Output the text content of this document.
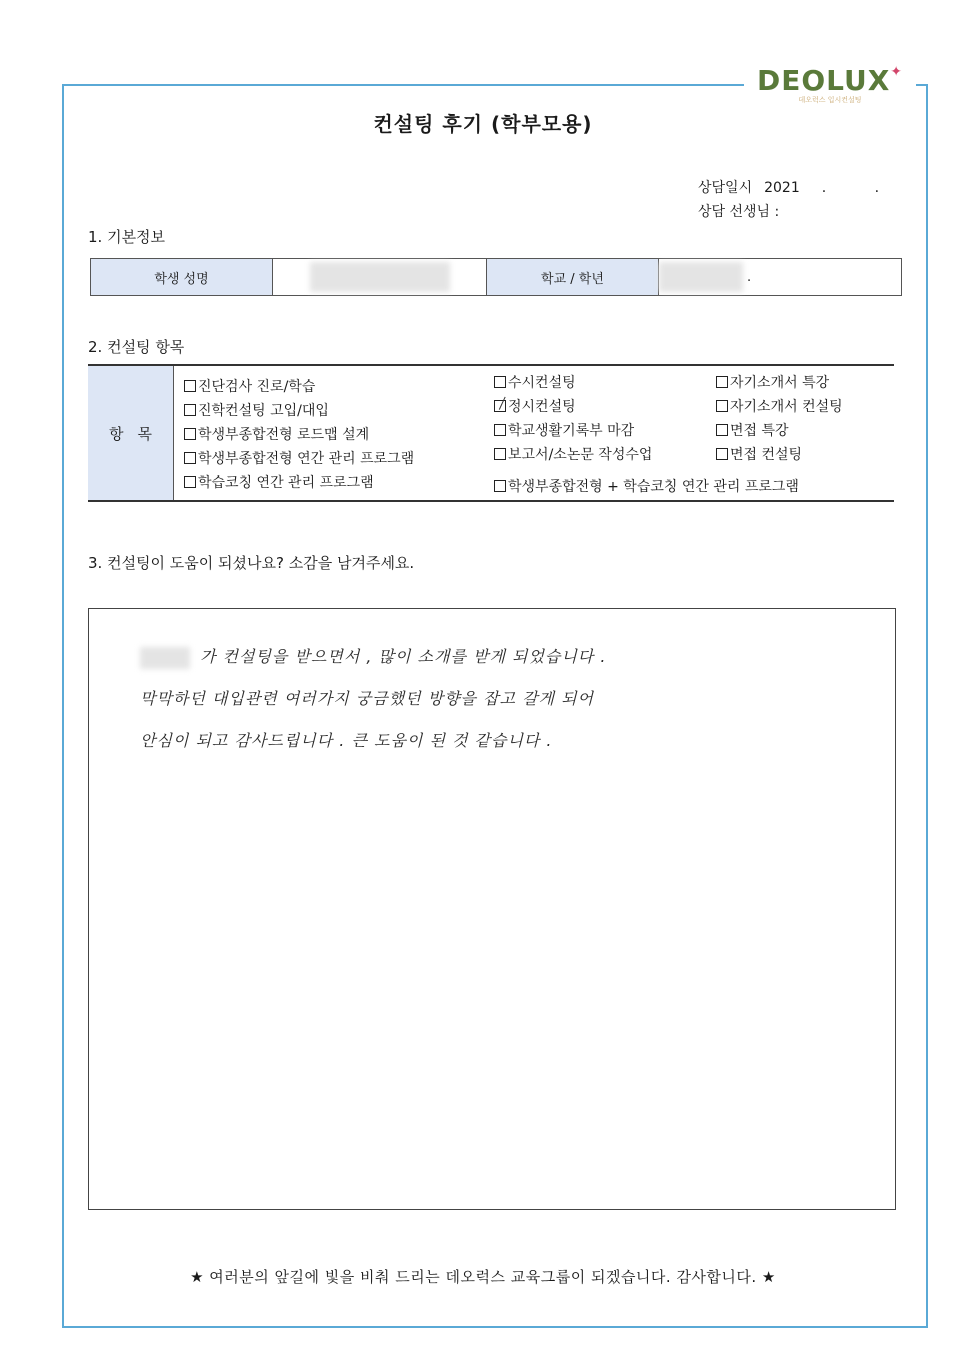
DEOLUX✦
데오럭스 입시컨설팅
컨설팅 후기 (학부모용)
상담일시 2021 . .
상담 선생님 :
1. 기본정보
학생 성명	학교 / 학년	.
2. 컨설팅 항목
항목
진단검사 진로/학습
진학컨설팅 고입/대입
학생부종합전형 로드맵 설계
학생부종합전형 연간 관리 프로그램
학습코칭 연간 관리 프로그램
수시컨설팅
정시컨설팅
학교생활기록부 마감
보고서/소논문 작성수업
학생부종합전형 + 학습코칭 연간 관리 프로그램
자기소개서 특강
자기소개서 컨설팅
면접 특강
면접 컨설팅
3. 컨설팅이 도움이 되셨나요? 소감을 남겨주세요.
가 컨설팅을 받으면서 , 많이 소개를 받게 되었습니다 .
막막하던 대입관련 여러가지 궁금했던 방향을 잡고 갈게 되어
안심이 되고 감사드립니다 . 큰 도움이 된 것 같습니다 .
★ 여러분의 앞길에 빛을 비춰 드리는 데오럭스 교육그룹이 되겠습니다. 감사합니다. ★
